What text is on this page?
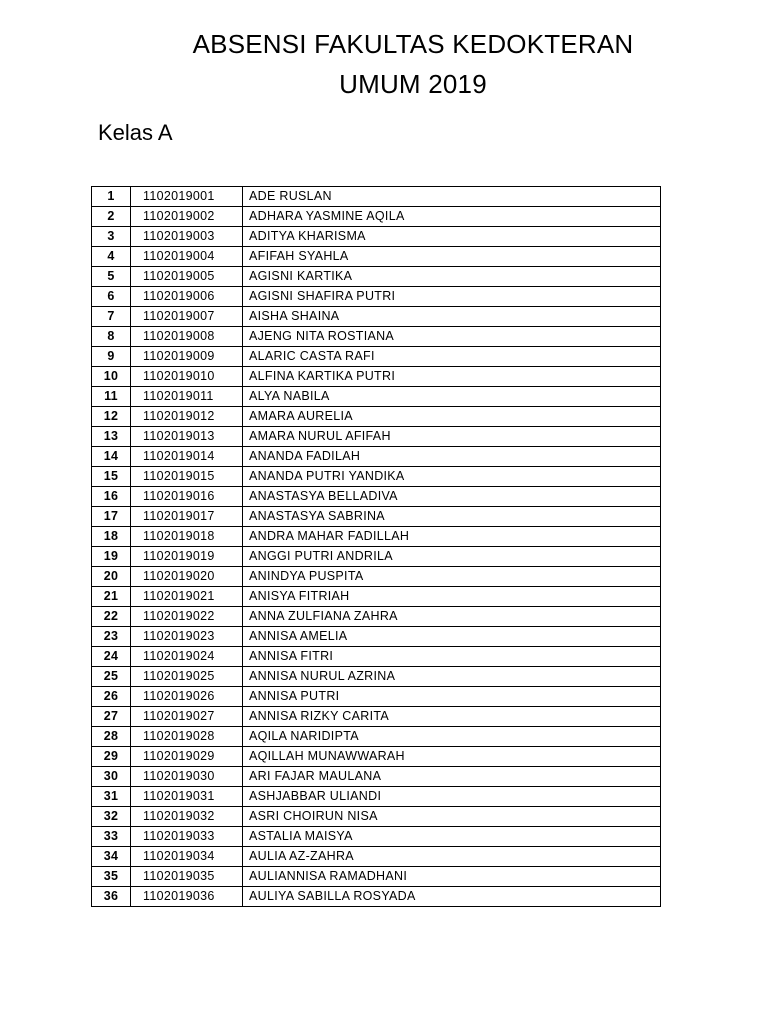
ABSENSI FAKULTAS KEDOKTERAN
UMUM 2019
Kelas A
1	1102019001	ADE RUSLAN
2	1102019002	ADHARA YASMINE AQILA
3	1102019003	ADITYA KHARISMA
4	1102019004	AFIFAH SYAHLA
5	1102019005	AGISNI KARTIKA
6	1102019006	AGISNI SHAFIRA PUTRI
7	1102019007	AISHA SHAINA
8	1102019008	AJENG NITA ROSTIANA
9	1102019009	ALARIC CASTA RAFI
10	1102019010	ALFINA KARTIKA PUTRI
11	1102019011	ALYA NABILA
12	1102019012	AMARA AURELIA
13	1102019013	AMARA NURUL AFIFAH
14	1102019014	ANANDA FADILAH
15	1102019015	ANANDA PUTRI YANDIKA
16	1102019016	ANASTASYA BELLADIVA
17	1102019017	ANASTASYA SABRINA
18	1102019018	ANDRA MAHAR FADILLAH
19	1102019019	ANGGI PUTRI ANDRILA
20	1102019020	ANINDYA PUSPITA
21	1102019021	ANISYA FITRIAH
22	1102019022	ANNA ZULFIANA ZAHRA
23	1102019023	ANNISA AMELIA
24	1102019024	ANNISA FITRI
25	1102019025	ANNISA NURUL AZRINA
26	1102019026	ANNISA PUTRI
27	1102019027	ANNISA RIZKY CARITA
28	1102019028	AQILA NARIDIPTA
29	1102019029	AQILLAH MUNAWWARAH
30	1102019030	ARI FAJAR MAULANA
31	1102019031	ASHJABBAR ULIANDI
32	1102019032	ASRI CHOIRUN NISA
33	1102019033	ASTALIA MAISYA
34	1102019034	AULIA AZ-ZAHRA
35	1102019035	AULIANNISA RAMADHANI
36	1102019036	AULIYA SABILLA ROSYADA
